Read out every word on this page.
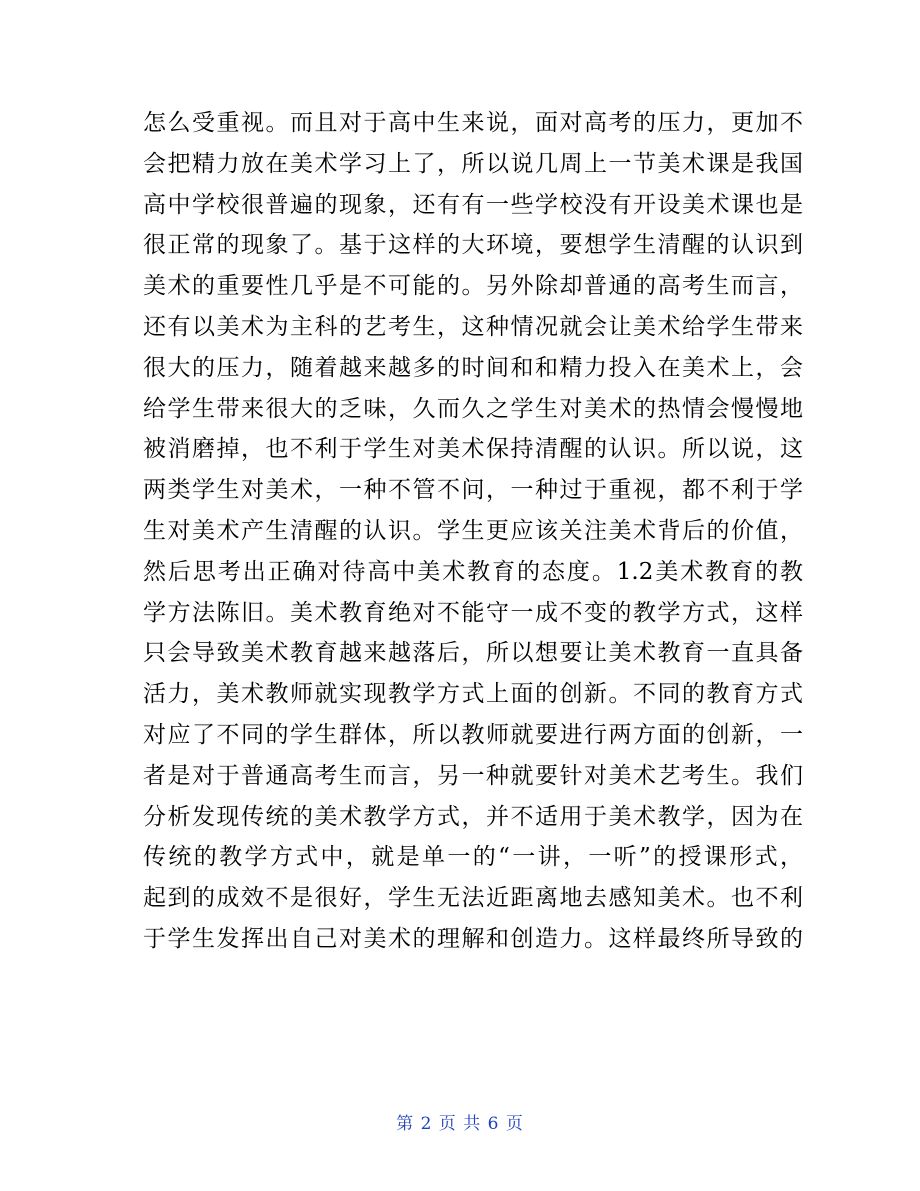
怎么受重视。而且对于高中生来说，面对高考的压力，更加不
会把精力放在美术学习上了，所以说几周上一节美术课是我国
高中学校很普遍的现象，还有有一些学校没有开设美术课也是
很正常的现象了。基于这样的大环境，要想学生清醒的认识到
美术的重要性几乎是不可能的。另外除却普通的高考生而言，
还有以美术为主科的艺考生，这种情况就会让美术给学生带来
很大的压力，随着越来越多的时间和和精力投入在美术上，会
给学生带来很大的乏味，久而久之学生对美术的热情会慢慢地
被消磨掉，也不利于学生对美术保持清醒的认识。所以说，这
两类学生对美术，一种不管不问，一种过于重视，都不利于学
生对美术产生清醒的认识。学生更应该关注美术背后的价值，
然后思考出正确对待高中美术教育的态度。1.2美术教育的教
学方法陈旧。美术教育绝对不能守一成不变的教学方式，这样
只会导致美术教育越来越落后，所以想要让美术教育一直具备
活力，美术教师就实现教学方式上面的创新。不同的教育方式
对应了不同的学生群体，所以教师就要进行两方面的创新，一
者是对于普通高考生而言，另一种就要针对美术艺考生。我们
分析发现传统的美术教学方式，并不适用于美术教学，因为在
传统的教学方式中，就是单一的“一讲，一听”的授课形式，
起到的成效不是很好，学生无法近距离地去感知美术。也不利
于学生发挥出自己对美术的理解和创造力。这样最终所导致的
第 2 页 共 6 页
